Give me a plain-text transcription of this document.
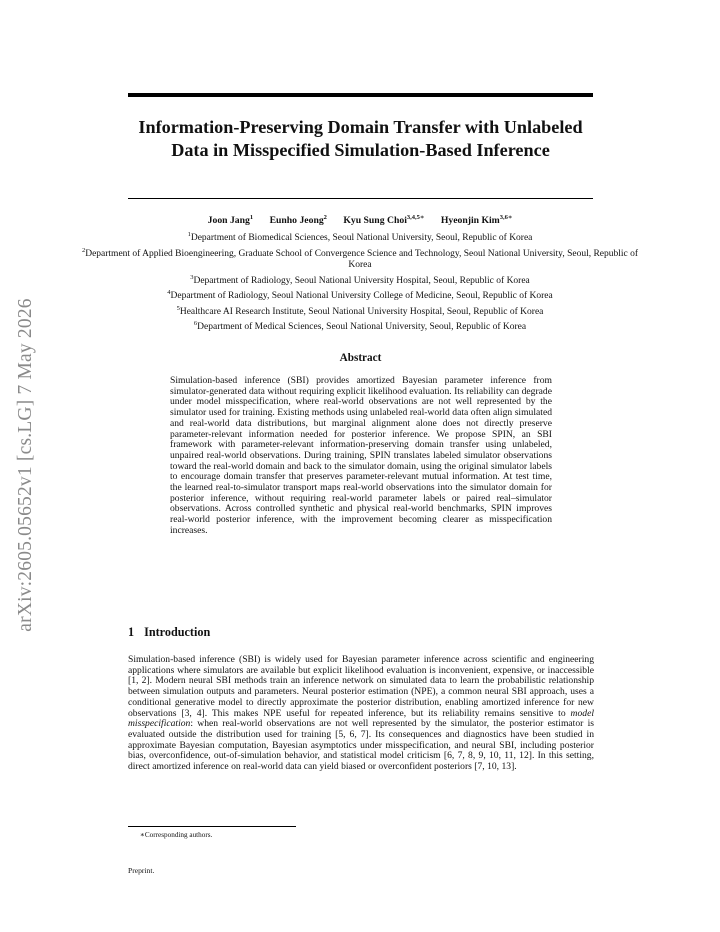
arXiv:2605.05652v1 [cs.LG] 7 May 2026
Information-Preserving Domain Transfer with Unlabeled Data in Misspecified Simulation-Based Inference
Joon Jang$^1$ Eunho Jeong$^2$ Kyu Sung Choi$^{3,4,5∗}$ Hyeonjin Kim$^{3,6∗}$
$^1$Department of Biomedical Sciences, Seoul National University, Seoul, Republic of Korea
$^2$Department of Applied Bioengineering, Graduate School of Convergence Science and Technology, Seoul National University, Seoul, Republic of Korea
$^3$Department of Radiology, Seoul National University Hospital, Seoul, Republic of Korea
$^4$Department of Radiology, Seoul National University College of Medicine, Seoul, Republic of Korea
$^5$Healthcare AI Research Institute, Seoul National University Hospital, Seoul, Republic of Korea
$^6$Department of Medical Sciences, Seoul National University, Seoul, Republic of Korea
Abstract
Simulation-based inference (SBI) provides amortized Bayesian parameter inference from simulator-generated data without requiring explicit likelihood evaluation. Its reliability can degrade under model misspecification, where real-world observations are not well represented by the simulator used for training. Existing methods using unlabeled real-world data often align simulated and real-world data distributions, but marginal alignment alone does not directly preserve parameter-relevant information needed for posterior inference. We propose SPIN, an SBI framework with parameter-relevant information-preserving domain transfer using unlabeled, unpaired real-world observations. During training, SPIN translates labeled simulator observations toward the real-world domain and back to the simulator domain, using the original simulator labels to encourage domain transfer that preserves parameter-relevant mutual information. At test time, the learned real-to-simulator transport maps real-world observations into the simulator domain for posterior inference, without requiring real-world parameter labels or paired real–simulator observations. Across controlled synthetic and physical real-world benchmarks, SPIN improves real-world posterior inference, with the improvement becoming clearer as misspecification increases.
1 Introduction
Simulation-based inference (SBI) is widely used for Bayesian parameter inference across scientific and engineering applications where simulators are available but explicit likelihood evaluation is inconvenient, expensive, or inaccessible [1, 2]. Modern neural SBI methods train an inference network on simulated data to learn the probabilistic relationship between simulation outputs and parameters. Neural posterior estimation (NPE), a common neural SBI approach, uses a conditional generative model to directly approximate the posterior distribution, enabling amortized inference for new observations [3, 4]. This makes NPE useful for repeated inference, but its reliability remains sensitive to model misspecification: when real-world observations are not well represented by the simulator, the posterior estimator is evaluated outside the distribution used for training [5, 6, 7]. Its consequences and diagnostics have been studied in approximate Bayesian computation, Bayesian asymptotics under misspecification, and neural SBI, including posterior bias, overconfidence, out-of-simulation behavior, and statistical model criticism [6, 7, 8, 9, 10, 11, 12]. In this setting, direct amortized inference on real-world data can yield biased or overconfident posteriors [7, 10, 13].
∗Corresponding authors.
Preprint.
